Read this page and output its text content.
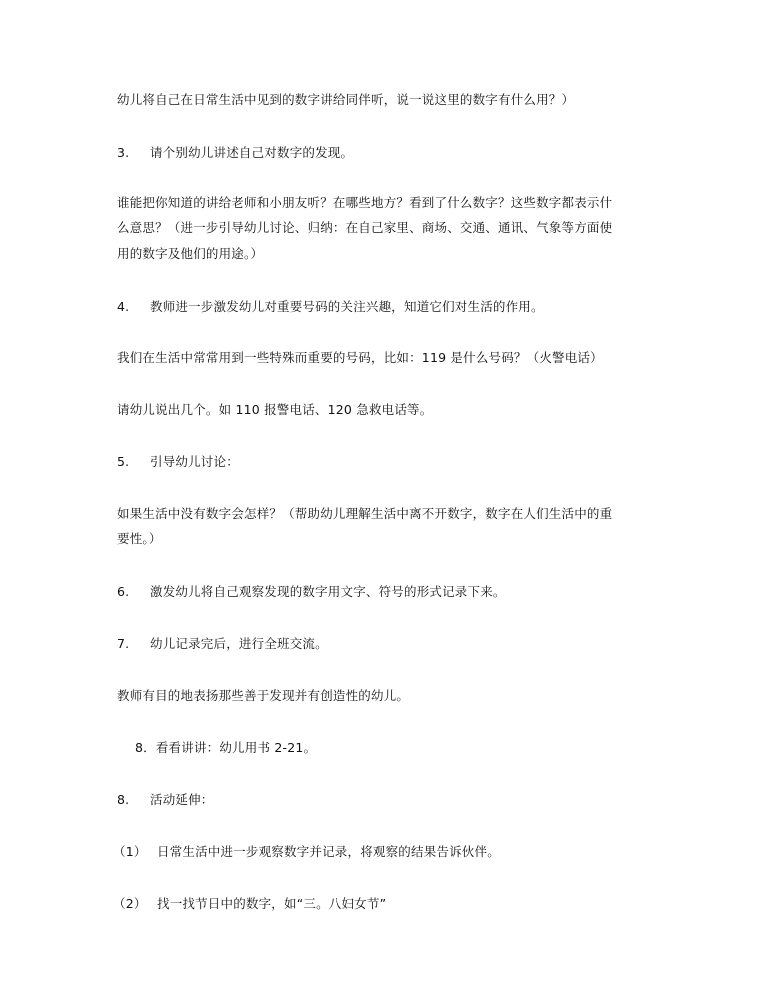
幼儿将自己在日常生活中见到的数字讲给同伴听，说一说这里的数字有什么用？）
3. 请个别幼儿讲述自己对数字的发现。
谁能把你知道的讲给老师和小朋友听？在哪些地方？看到了什么数字？这些数字都表示什
么意思？（进一步引导幼儿讨论、归纳：在自己家里、商场、交通、通讯、气象等方面使
用的数字及他们的用途。）
4. 教师进一步激发幼儿对重要号码的关注兴趣，知道它们对生活的作用。
我们在生活中常常用到一些特殊而重要的号码，比如：119 是什么号码？（火警电话）
请幼儿说出几个。如 110 报警电话、120 急救电话等。
5. 引导幼儿讨论：
如果生活中没有数字会怎样？（帮助幼儿理解生活中离不开数字，数字在人们生活中的重
要性。）
6. 激发幼儿将自己观察发现的数字用文字、符号的形式记录下来。
7. 幼儿记录完后，进行全班交流。
教师有目的地表扬那些善于发现并有创造性的幼儿。
8．看看讲讲：幼儿用书 2-21。
8. 活动延伸：
（1） 日常生活中进一步观察数字并记录，将观察的结果告诉伙伴。
（2） 找一找节日中的数字，如“三。八妇女节”
